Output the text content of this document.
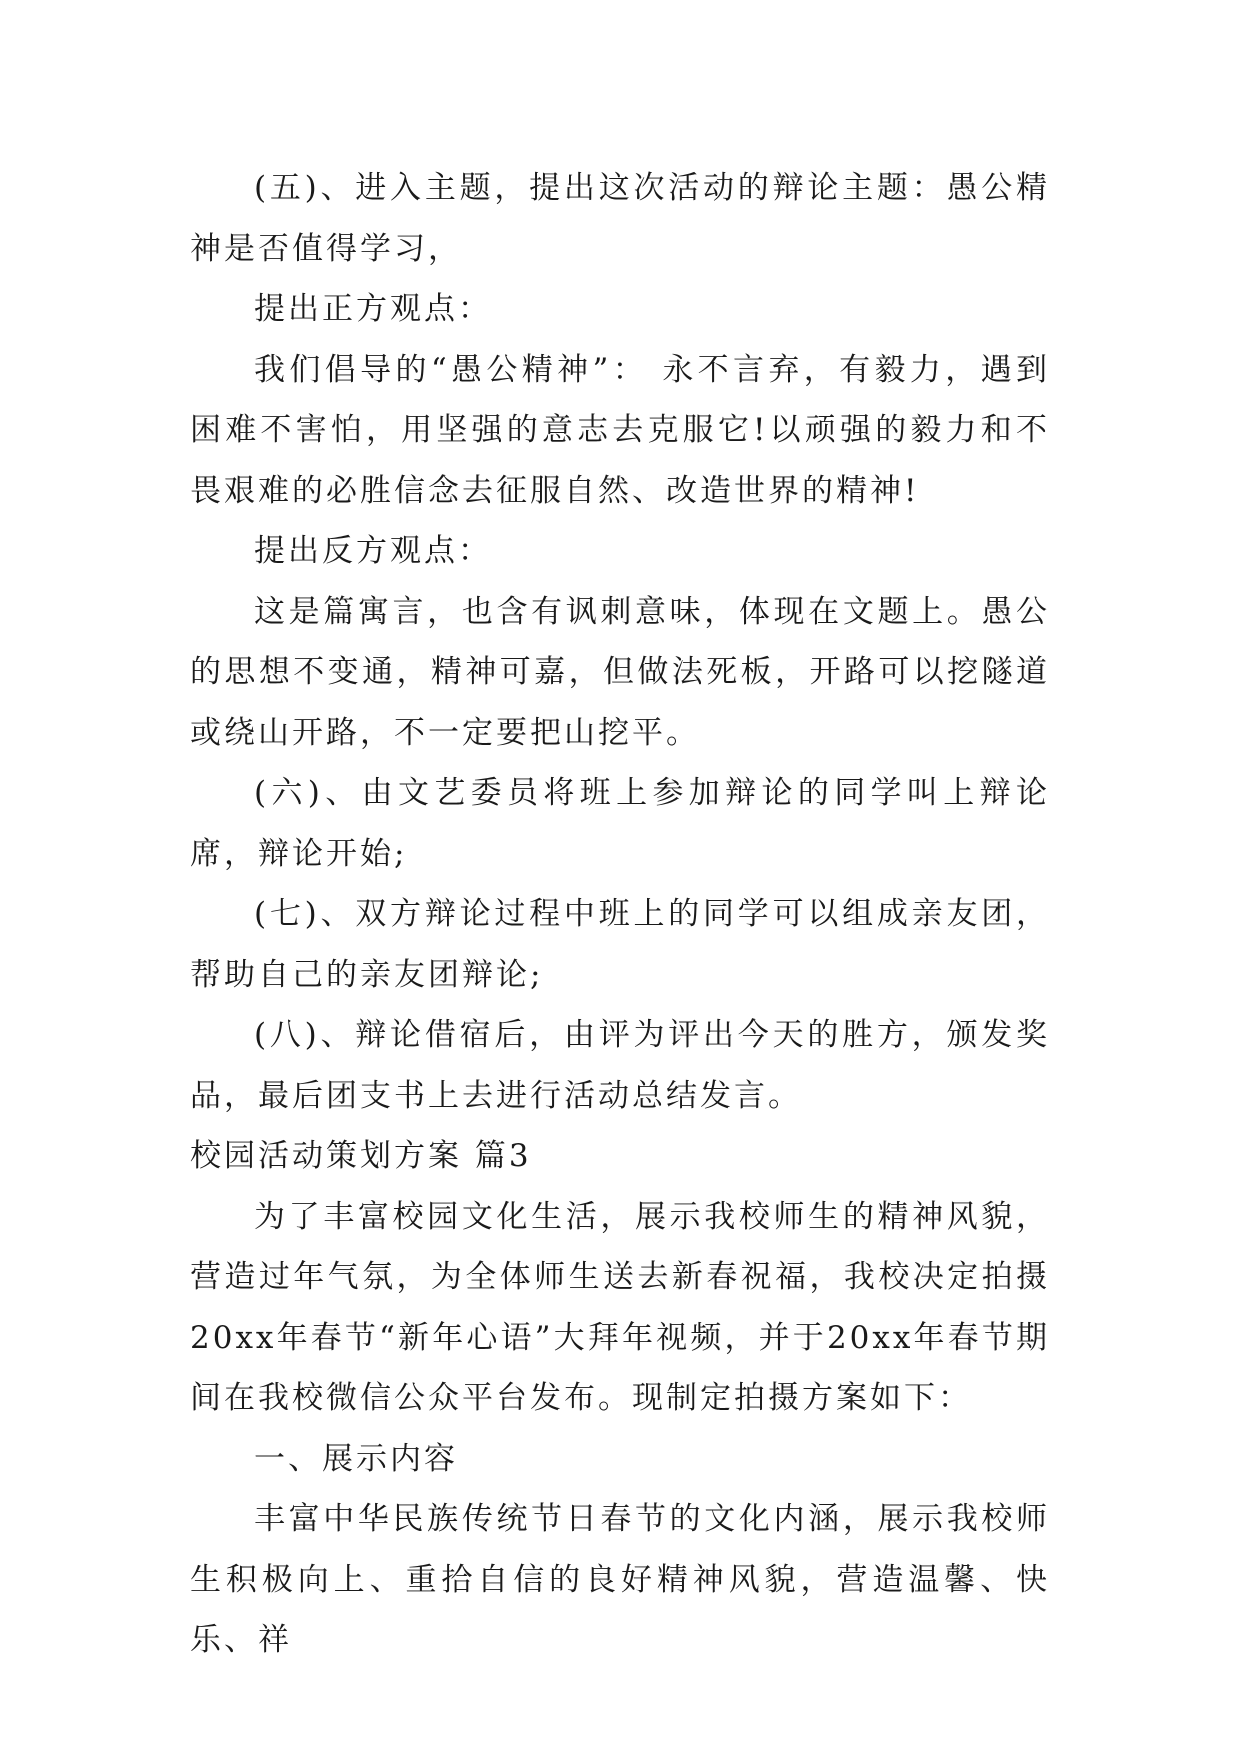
(五)、进入主题，提出这次活动的辩论主题：愚公精神是否值得学习，

提出正方观点：

我们倡导的“愚公精神”： 永不言弃，有毅力，遇到困难不害怕，用坚强的意志去克服它!以顽强的毅力和不畏艰难的必胜信念去征服自然、改造世界的精神!

提出反方观点：

这是篇寓言，也含有讽刺意味，体现在文题上。愚公的思想不变通，精神可嘉，但做法死板，开路可以挖隧道或绕山开路，不一定要把山挖平。

(六)、由文艺委员将班上参加辩论的同学叫上辩论席，辩论开始;

(七)、双方辩论过程中班上的同学可以组成亲友团，帮助自己的亲友团辩论;

(八)、辩论借宿后，由评为评出今天的胜方，颁发奖品，最后团支书上去进行活动总结发言。

校园活动策划方案 篇3

为了丰富校园文化生活，展示我校师生的精神风貌，营造过年气氛，为全体师生送去新春祝福，我校决定拍摄20xx年春节“新年心语”大拜年视频，并于20xx年春节期间在我校微信公众平台发布。现制定拍摄方案如下：

一、展示内容

丰富中华民族传统节日春节的文化内涵，展示我校师生积极向上、重拾自信的良好精神风貌，营造温馨、快乐、祥
